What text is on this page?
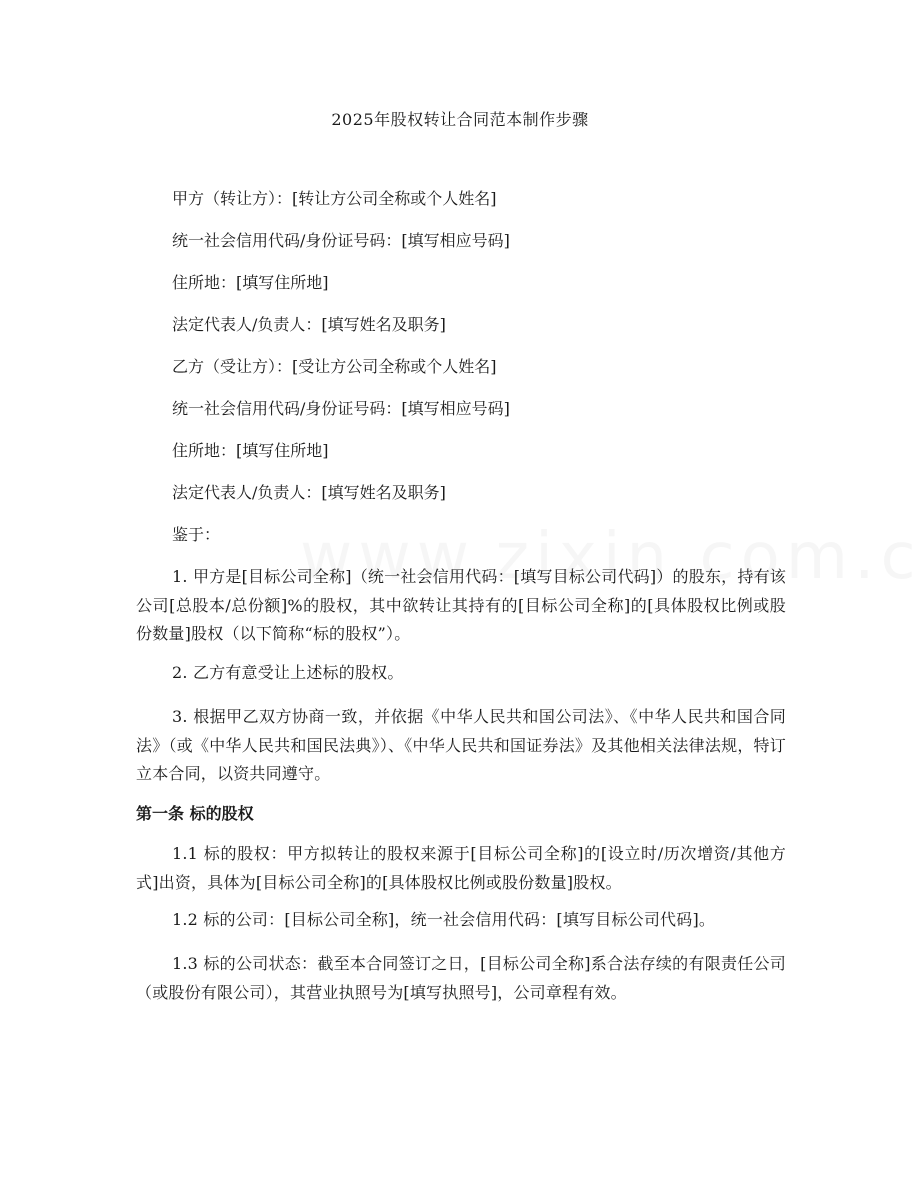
2025年股权转让合同范本制作步骤
甲方（转让方）：[转让方公司全称或个人姓名]
统一社会信用代码/身份证号码：[填写相应号码]
住所地：[填写住所地]
法定代表人/负责人：[填写姓名及职务]
乙方（受让方）：[受让方公司全称或个人姓名]
统一社会信用代码/身份证号码：[填写相应号码]
住所地：[填写住所地]
法定代表人/负责人：[填写姓名及职务]
鉴于：
1. 甲方是[目标公司全称]（统一社会信用代码：[填写目标公司代码]）的股东，持有该公司[总股本/总份额]%的股权，其中欲转让其持有的[目标公司全称]的[具体股权比例或股份数量]股权（以下简称“标的股权”）。
2. 乙方有意受让上述标的股权。
3. 根据甲乙双方协商一致，并依据《中华人民共和国公司法》、《中华人民共和国合同法》（或《中华人民共和国民法典》）、《中华人民共和国证券法》及其他相关法律法规，特订立本合同，以资共同遵守。
第一条 标的股权
1.1 标的股权：甲方拟转让的股权来源于[目标公司全称]的[设立时/历次增资/其他方式]出资，具体为[目标公司全称]的[具体股权比例或股份数量]股权。
1.2 标的公司：[目标公司全称]，统一社会信用代码：[填写目标公司代码]。
1.3 标的公司状态：截至本合同签订之日，[目标公司全称]系合法存续的有限责任公司（或股份有限公司），其营业执照号为[填写执照号]，公司章程有效。
